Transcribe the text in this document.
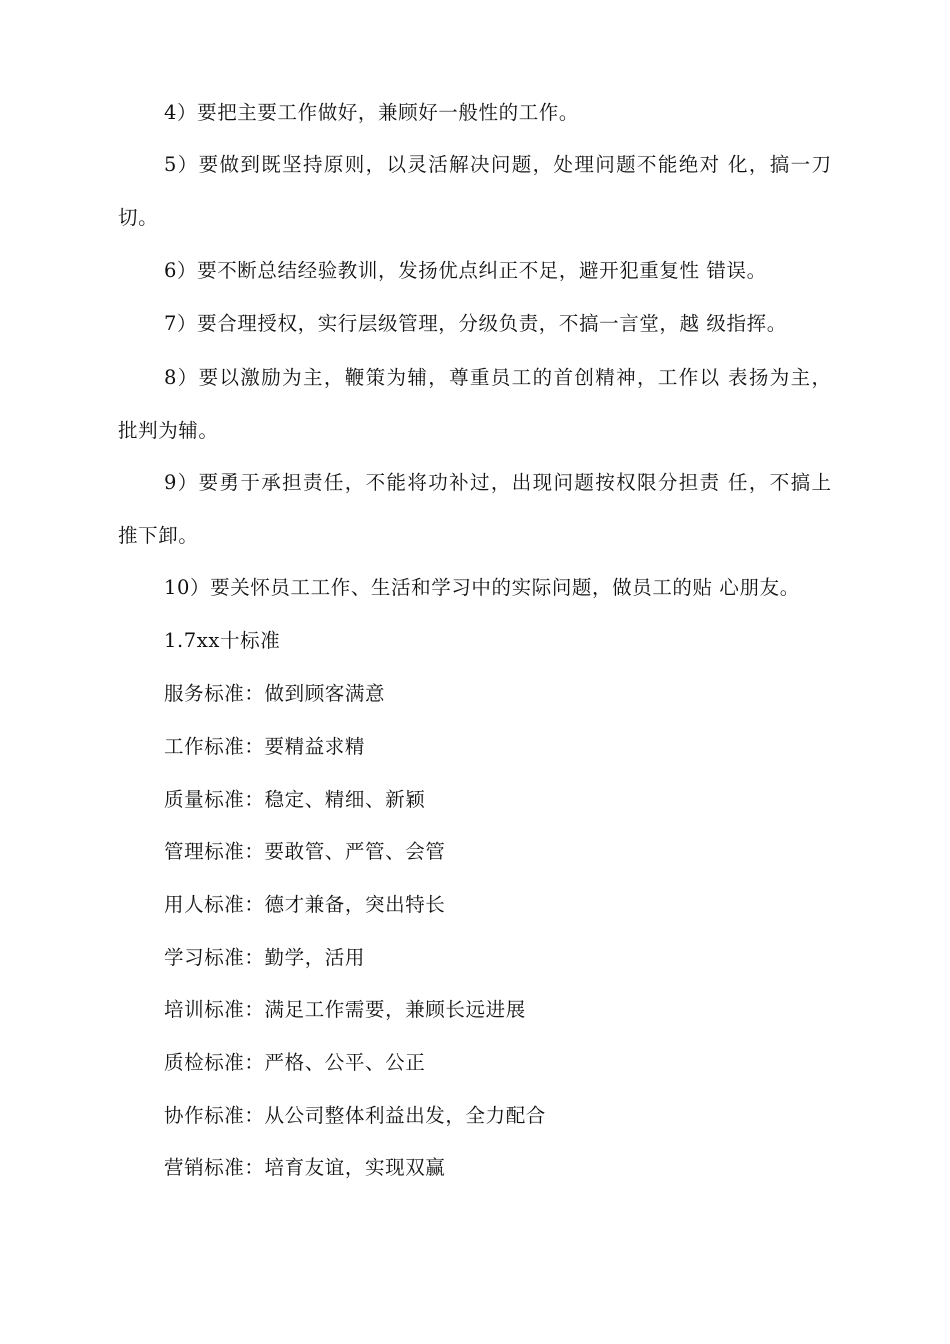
4）要把主要工作做好，兼顾好一般性的工作。
5）要做到既坚持原则，以灵活解决问题，处理问题不能绝对 化，搞一刀
切。
6）要不断总结经验教训，发扬优点纠正不足，避开犯重复性 错误。
7）要合理授权，实行层级管理，分级负责，不搞一言堂，越 级指挥。
8）要以激励为主，鞭策为辅，尊重员工的首创精神，工作以 表扬为主，
批判为辅。
9）要勇于承担责任，不能将功补过，出现问题按权限分担责 任，不搞上
推下卸。
10）要关怀员工工作、生活和学习中的实际问题，做员工的贴 心朋友。
1.7xx十标准
服务标准：做到顾客满意
工作标准：要精益求精
质量标准：稳定、精细、新颖
管理标准：要敢管、严管、会管
用人标准：德才兼备，突出特长
学习标准：勤学，活用
培训标准：满足工作需要，兼顾长远进展
质检标准：严格、公平、公正
协作标准：从公司整体利益出发，全力配合
营销标准：培育友谊，实现双赢
